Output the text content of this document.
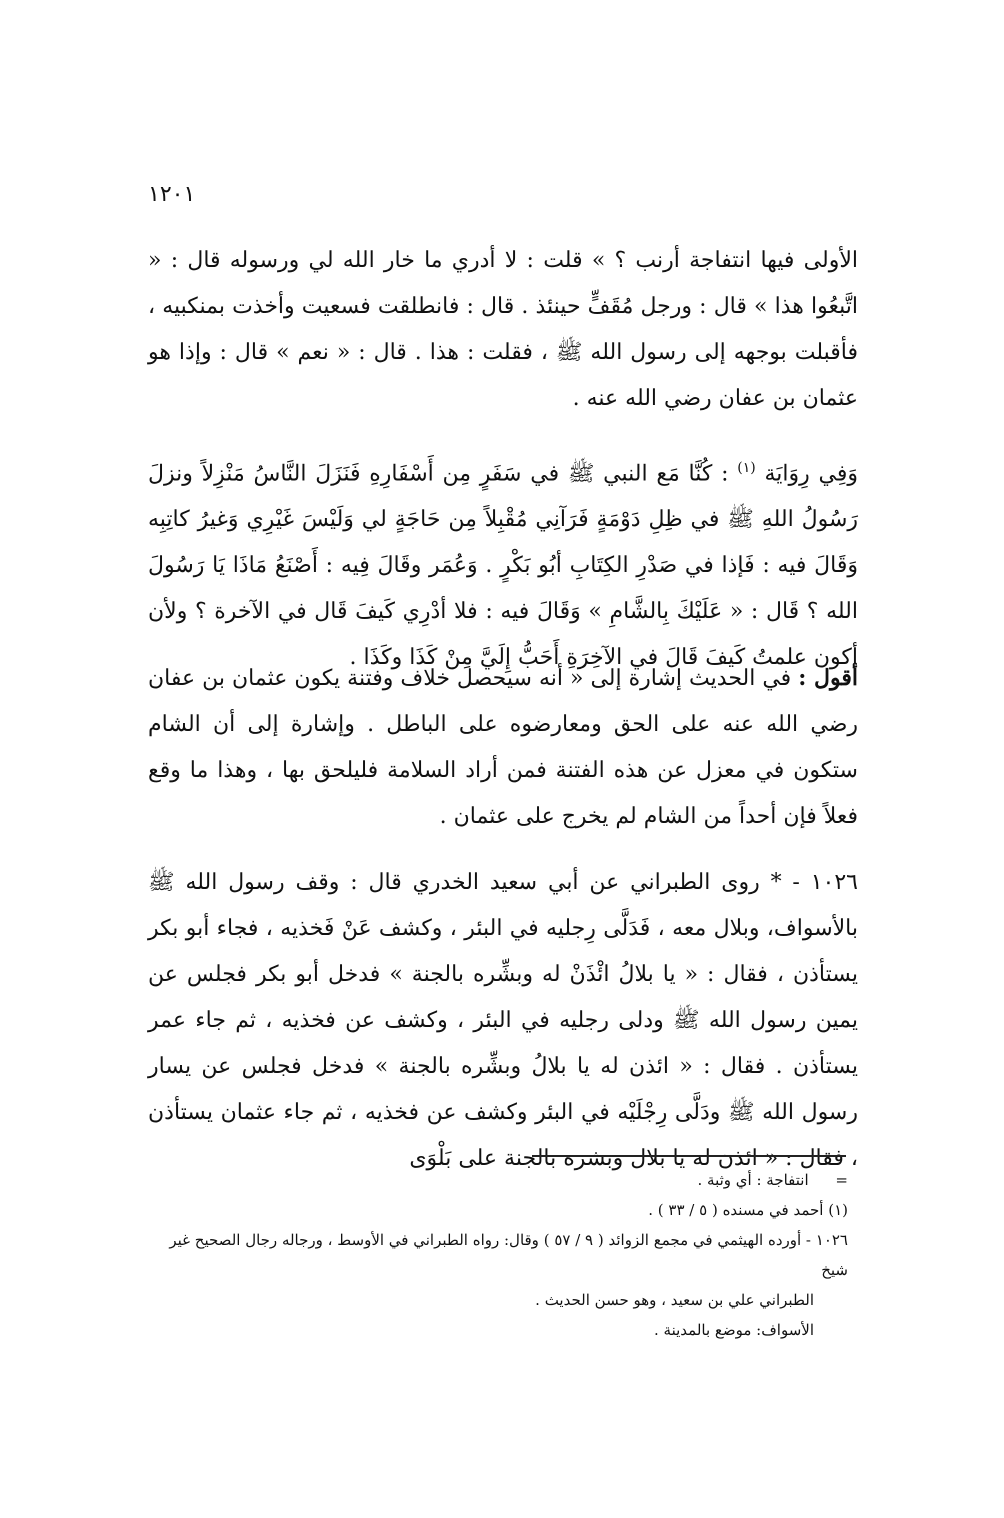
١٢٠١

الأولى فيها انتفاجة أرنب ؟ » قلت : لا أدري ما خار الله لي ورسوله قال : « اتَّبعُوا هذا » قال : ورجل مُقَفٍّ حينئذ . قال : فانطلقت فسعيت وأخذت بمنكبيه ، فأقبلت بوجهه إلى رسول الله ﷺ ، فقلت : هذا . قال : « نعم » قال : وإذا هو عثمان بن عفان رضي الله عنه .

وَفِي رِوَايَة $^{(١)}$ : كُنَّا مَع النبي ﷺ في سَفَرٍ مِن أَسْفَارِهِ فَنَزَلَ النَّاسُ مَنْزِلاً ونزلَ رَسُولُ اللهِ ﷺ في ظِلِ دَوْمَةٍ فَرَآنِي مُقْبِلاً مِن حَاجَةٍ لي وَلَيْسَ غَيْرِي وَغيرُ كاتِبِه وَقَالَ فيه : فَإذا في صَدْرِ الكِتَابِ أبُو بَكْرٍ . وَعُمَر وقَالَ فِيه : أَصْنَعُ مَاذَا يَا رَسُولَ الله ؟ قَال : « عَلَيْكَ بِالشَّامِ » وَقَالَ فيه : فلا أدْرِي كَيفَ قَال في الآخرة ؟ ولأن أكون علمتُ كَيفَ قَالَ في الآخِرَةِ أَحَبُّ إِلَيَّ مِنْ كَذَا وكَذَا .

أقول : في الحديث إشارة إلى « أنه سيحصل خلاف وفتنة يكون عثمان بن عفان رضي الله عنه على الحق ومعارضوه على الباطل . وإشارة إلى أن الشام ستكون في معزل عن هذه الفتنة فمن أراد السلامة فليلحق بها ، وهذا ما وقع فعلاً فإن أحداً من الشام لم يخرج على عثمان .

١٠٢٦ - * روى الطبراني عن أبي سعيد الخدري قال : وقف رسول الله ﷺ بالأسواف، وبلال معه ، فَدَلَّى رِجليه في البئر ، وكشف عَنْ فَخذيه ، فجاء أبو بكر يستأذن ، فقال : « يا بلالُ ائْذَنْ له وبشِّره بالجنة » فدخل أبو بكر فجلس عن يمين رسول الله ﷺ ودلى رجليه في البئر ، وكشف عن فخذيه ، ثم جاء عمر يستأذن . فقال : « ائذن له يا بلالُ وبشِّره بالجنة » فدخل فجلس عن يسار رسول الله ﷺ ودَلَّى رِجْلَيْه في البئر وكشف عن فخذيه ، ثم جاء عثمان يستأذن ، فقال : « ائذن له يا بلال وبشره بالجنة على بَلْوَى

= انتفاجة : أي وثبة .

(١) أحمد في مسنده ( ٥ / ٣٣ ) .

١٠٢٦ - أورده الهيثمي في مجمع الزوائد ( ٩ / ٥٧ ) وقال: رواه الطبراني في الأوسط ، ورجاله رجال الصحيح غير شيخ

الطبراني علي بن سعيد ، وهو حسن الحديث .

الأسواف: موضع بالمدينة .
